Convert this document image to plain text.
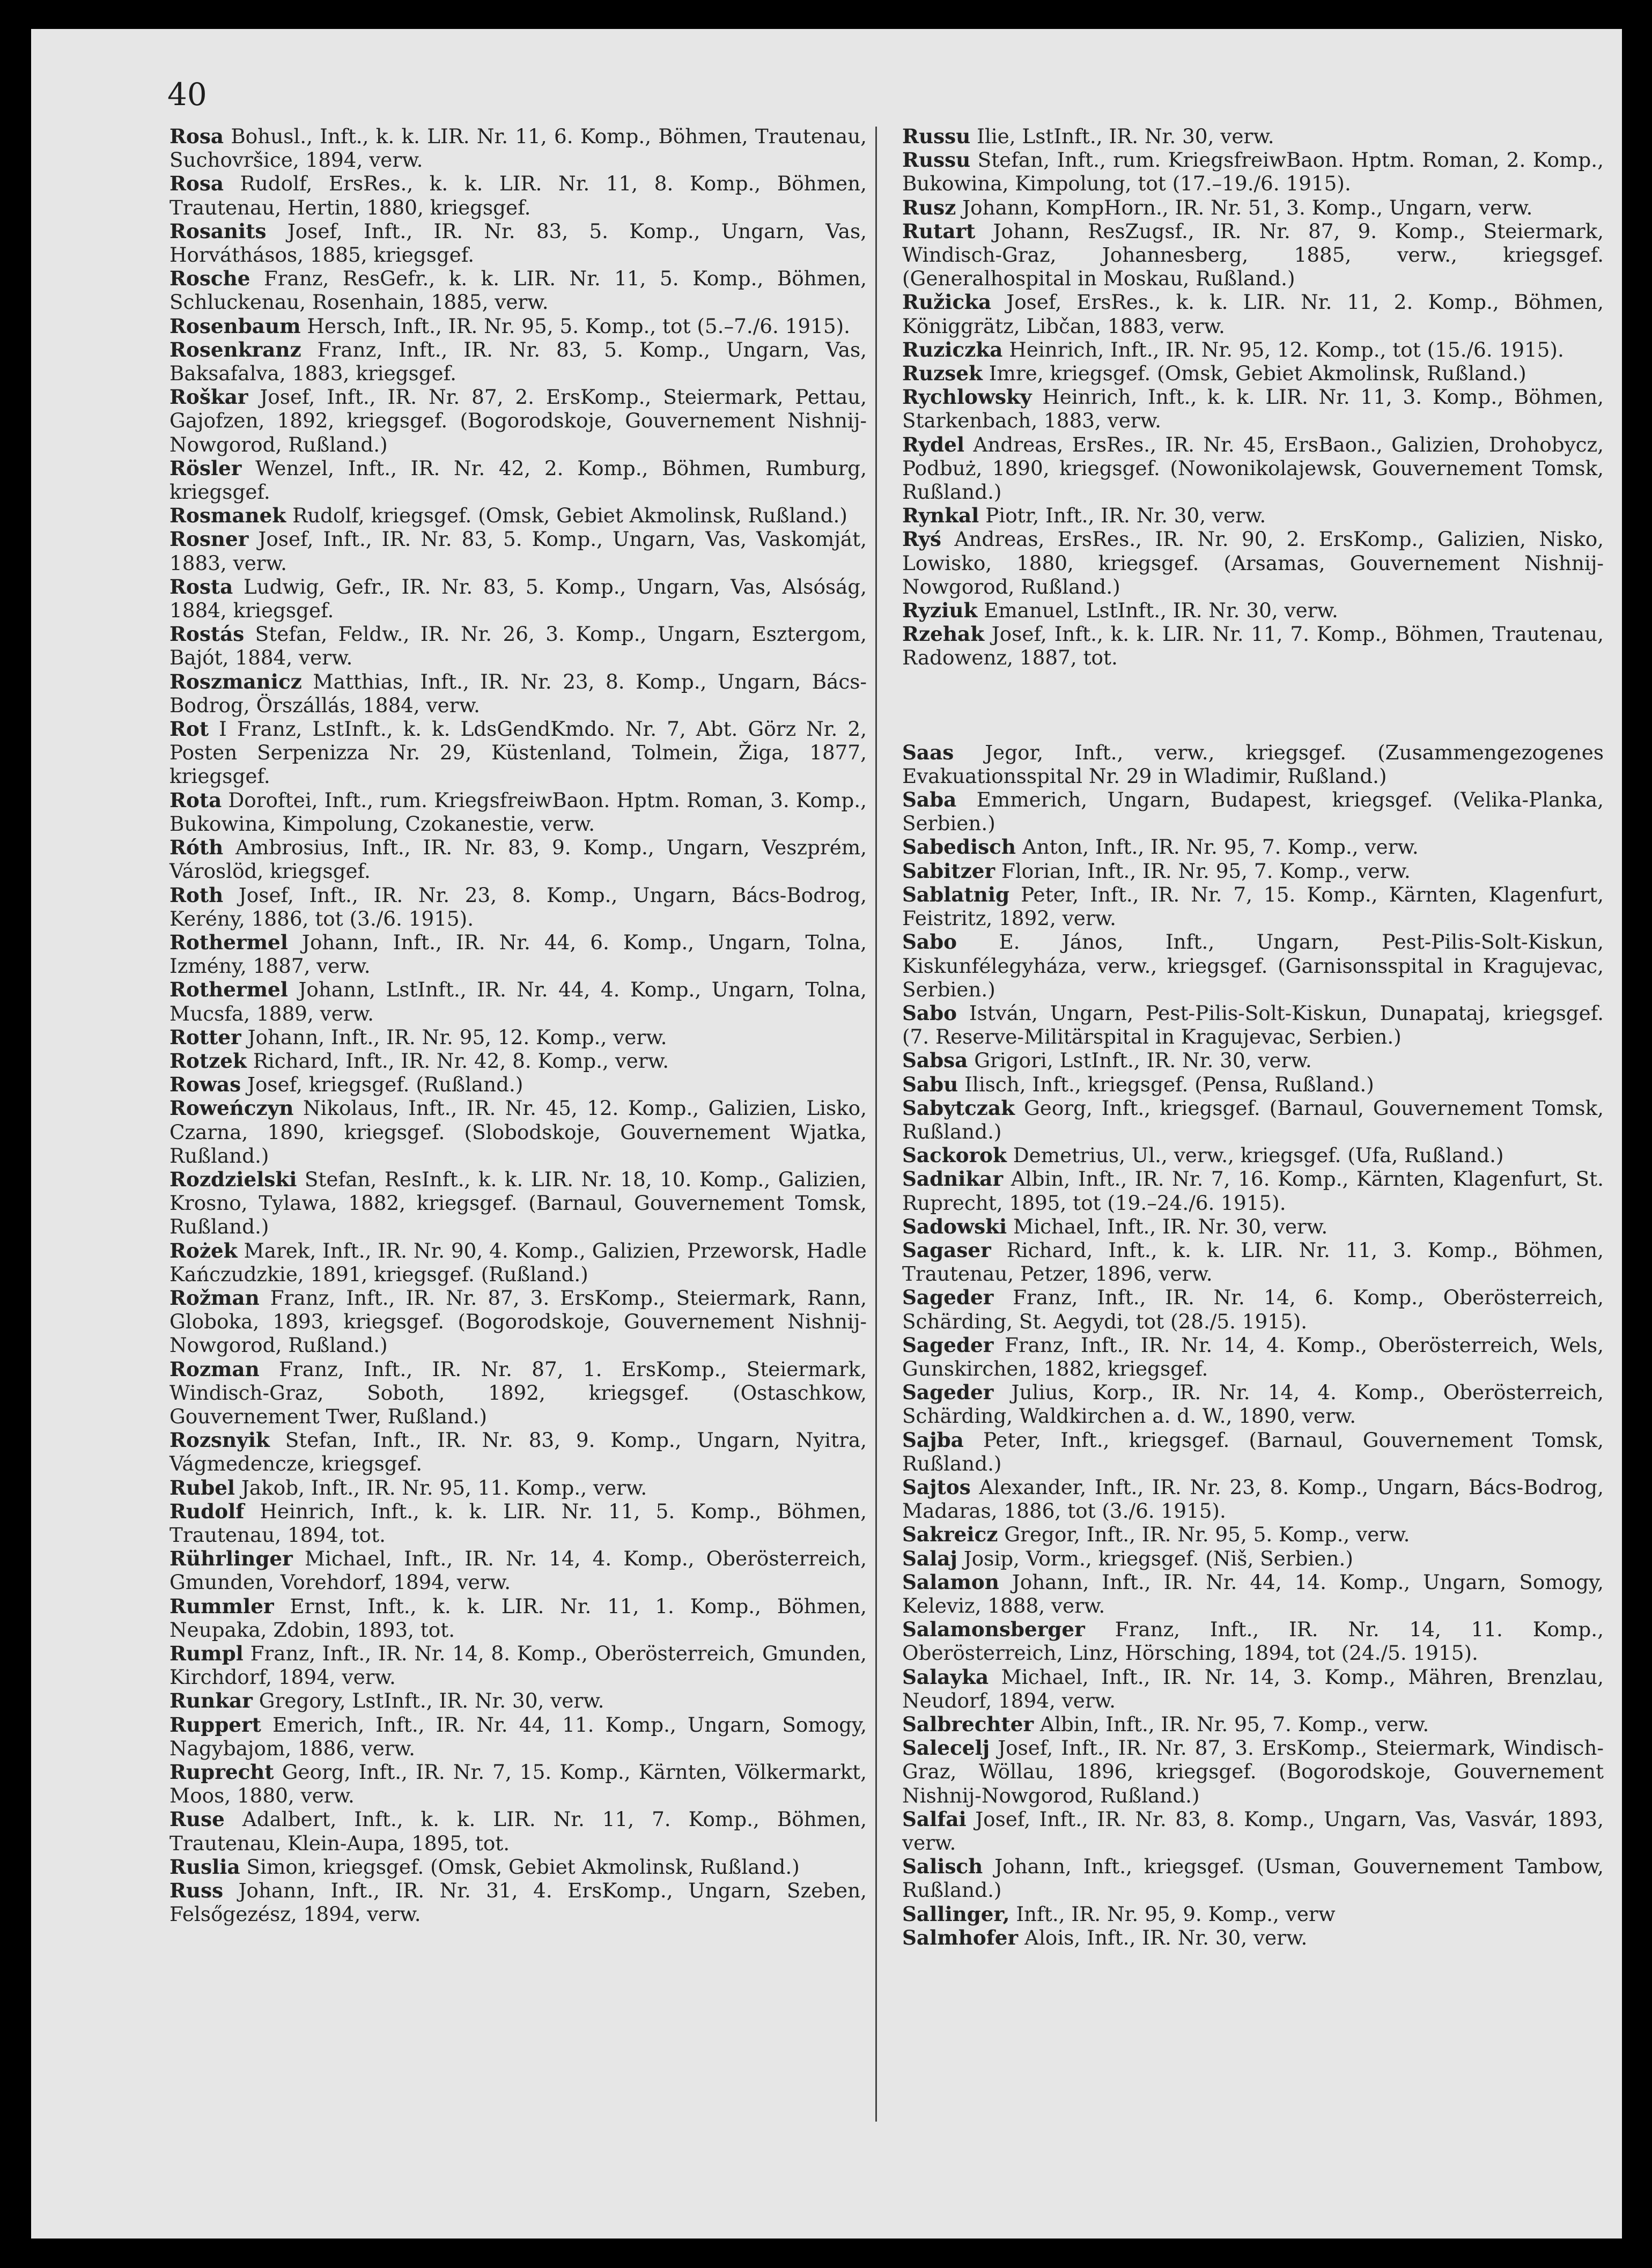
40

Rosa Bohusl., Inft., k. k. LIR. Nr. 11, 6. Komp., Böhmen, Trautenau, Suchovršice, 1894, verw.

Rosa Rudolf, ErsRes., k. k. LIR. Nr. 11, 8. Komp., Böhmen, Trautenau, Hertin, 1880, kriegsgef.

Rosanits Josef, Inft., IR. Nr. 83, 5. Komp., Ungarn, Vas, Horváthásos, 1885, kriegsgef.

Rosche Franz, ResGefr., k. k. LIR. Nr. 11, 5. Komp., Böhmen, Schluckenau, Rosenhain, 1885, verw.

Rosenbaum Hersch, Inft., IR. Nr. 95, 5. Komp., tot (5.–7./6. 1915).

Rosenkranz Franz, Inft., IR. Nr. 83, 5. Komp., Ungarn, Vas, Baksafalva, 1883, kriegsgef.

Roškar Josef, Inft., IR. Nr. 87, 2. ErsKomp., Steiermark, Pettau, Gajofzen, 1892, kriegsgef. (Bogorodskoje, Gouvernement Nishnij-Nowgorod, Rußland.)

Rösler Wenzel, Inft., IR. Nr. 42, 2. Komp., Böhmen, Rumburg, kriegsgef.

Rosmanek Rudolf, kriegsgef. (Omsk, Gebiet Akmolinsk, Rußland.)

Rosner Josef, Inft., IR. Nr. 83, 5. Komp., Ungarn, Vas, Vaskomját, 1883, verw.

Rosta Ludwig, Gefr., IR. Nr. 83, 5. Komp., Ungarn, Vas, Alsóság, 1884, kriegsgef.

Rostás Stefan, Feldw., IR. Nr. 26, 3. Komp., Ungarn, Esztergom, Bajót, 1884, verw.

Roszmanicz Matthias, Inft., IR. Nr. 23, 8. Komp., Ungarn, Bács-Bodrog, Örszállás, 1884, verw.

Rot I Franz, LstInft., k. k. LdsGendKmdo. Nr. 7, Abt. Görz Nr. 2, Posten Serpenizza Nr. 29, Küstenland, Tolmein, Žiga, 1877, kriegsgef.

Rota Doroftei, Inft., rum. KriegsfreiwBaon. Hptm. Roman, 3. Komp., Bukowina, Kimpolung, Czokanestie, verw.

Róth Ambrosius, Inft., IR. Nr. 83, 9. Komp., Ungarn, Veszprém, Városlöd, kriegsgef.

Roth Josef, Inft., IR. Nr. 23, 8. Komp., Ungarn, Bács-Bodrog, Kerény, 1886, tot (3./6. 1915).

Rothermel Johann, Inft., IR. Nr. 44, 6. Komp., Ungarn, Tolna, Izmény, 1887, verw.

Rothermel Johann, LstInft., IR. Nr. 44, 4. Komp., Ungarn, Tolna, Mucsfa, 1889, verw.

Rotter Johann, Inft., IR. Nr. 95, 12. Komp., verw.

Rotzek Richard, Inft., IR. Nr. 42, 8. Komp., verw.

Rowas Josef, kriegsgef. (Rußland.)

Roweńczyn Nikolaus, Inft., IR. Nr. 45, 12. Komp., Galizien, Lisko, Czarna, 1890, kriegsgef. (Slobodskoje, Gouvernement Wjatka, Rußland.)

Rozdzielski Stefan, ResInft., k. k. LIR. Nr. 18, 10. Komp., Galizien, Krosno, Tylawa, 1882, kriegsgef. (Barnaul, Gouvernement Tomsk, Rußland.)

Rożek Marek, Inft., IR. Nr. 90, 4. Komp., Galizien, Przeworsk, Hadle Kańczudzkie, 1891, kriegsgef. (Rußland.)

Rožman Franz, Inft., IR. Nr. 87, 3. ErsKomp., Steiermark, Rann, Globoka, 1893, kriegsgef. (Bogorodskoje, Gouvernement Nishnij-Nowgorod, Rußland.)

Rozman Franz, Inft., IR. Nr. 87, 1. ErsKomp., Steiermark, Windisch-Graz, Soboth, 1892, kriegsgef. (Ostaschkow, Gouvernement Twer, Rußland.)

Rozsnyik Stefan, Inft., IR. Nr. 83, 9. Komp., Ungarn, Nyitra, Vágmedencze, kriegsgef.

Rubel Jakob, Inft., IR. Nr. 95, 11. Komp., verw.

Rudolf Heinrich, Inft., k. k. LIR. Nr. 11, 5. Komp., Böhmen, Trautenau, 1894, tot.

Rührlinger Michael, Inft., IR. Nr. 14, 4. Komp., Oberösterreich, Gmunden, Vorehdorf, 1894, verw.

Rummler Ernst, Inft., k. k. LIR. Nr. 11, 1. Komp., Böhmen, Neupaka, Zdobin, 1893, tot.

Rumpl Franz, Inft., IR. Nr. 14, 8. Komp., Oberösterreich, Gmunden, Kirchdorf, 1894, verw.

Runkar Gregory, LstInft., IR. Nr. 30, verw.

Ruppert Emerich, Inft., IR. Nr. 44, 11. Komp., Ungarn, Somogy, Nagybajom, 1886, verw.

Ruprecht Georg, Inft., IR. Nr. 7, 15. Komp., Kärnten, Völkermarkt, Moos, 1880, verw.

Ruse Adalbert, Inft., k. k. LIR. Nr. 11, 7. Komp., Böhmen, Trautenau, Klein-Aupa, 1895, tot.

Ruslia Simon, kriegsgef. (Omsk, Gebiet Akmolinsk, Rußland.)

Russ Johann, Inft., IR. Nr. 31, 4. ErsKomp., Ungarn, Szeben, Felsőgezész, 1894, verw.

Russu Ilie, LstInft., IR. Nr. 30, verw.

Russu Stefan, Inft., rum. KriegsfreiwBaon. Hptm. Roman, 2. Komp., Bukowina, Kimpolung, tot (17.–19./6. 1915).

Rusz Johann, KompHorn., IR. Nr. 51, 3. Komp., Ungarn, verw.

Rutart Johann, ResZugsf., IR. Nr. 87, 9. Komp., Steiermark, Windisch-Graz, Johannesberg, 1885, verw., kriegsgef. (Generalhospital in Moskau, Rußland.)

Ružicka Josef, ErsRes., k. k. LIR. Nr. 11, 2. Komp., Böhmen, Königgrätz, Libčan, 1883, verw.

Ruziczka Heinrich, Inft., IR. Nr. 95, 12. Komp., tot (15./6. 1915).

Ruzsek Imre, kriegsgef. (Omsk, Gebiet Akmolinsk, Rußland.)

Rychlowsky Heinrich, Inft., k. k. LIR. Nr. 11, 3. Komp., Böhmen, Starkenbach, 1883, verw.

Rydel Andreas, ErsRes., IR. Nr. 45, ErsBaon., Galizien, Drohobycz, Podbuż, 1890, kriegsgef. (Nowonikolajewsk, Gouvernement Tomsk, Rußland.)

Rynkal Piotr, Inft., IR. Nr. 30, verw.

Ryś Andreas, ErsRes., IR. Nr. 90, 2. ErsKomp., Galizien, Nisko, Lowisko, 1880, kriegsgef. (Arsamas, Gouvernement Nishnij-Nowgorod, Rußland.)

Ryziuk Emanuel, LstInft., IR. Nr. 30, verw.

Rzehak Josef, Inft., k. k. LIR. Nr. 11, 7. Komp., Böhmen, Trautenau, Radowenz, 1887, tot.

Saas Jegor, Inft., verw., kriegsgef. (Zusammengezogenes Evakuationsspital Nr. 29 in Wladimir, Rußland.)

Saba Emmerich, Ungarn, Budapest, kriegsgef. (Velika-Planka, Serbien.)

Sabedisch Anton, Inft., IR. Nr. 95, 7. Komp., verw.

Sabitzer Florian, Inft., IR. Nr. 95, 7. Komp., verw.

Sablatnig Peter, Inft., IR. Nr. 7, 15. Komp., Kärnten, Klagenfurt, Feistritz, 1892, verw.

Sabo E. János, Inft., Ungarn, Pest-Pilis-Solt-Kiskun, Kiskunfélegyháza, verw., kriegsgef. (Garnisonsspital in Kragujevac, Serbien.)

Sabo István, Ungarn, Pest-Pilis-Solt-Kiskun, Dunapataj, kriegsgef. (7. Reserve-Militärspital in Kragujevac, Serbien.)

Sabsa Grigori, LstInft., IR. Nr. 30, verw.

Sabu Ilisch, Inft., kriegsgef. (Pensa, Rußland.)

Sabytczak Georg, Inft., kriegsgef. (Barnaul, Gouvernement Tomsk, Rußland.)

Sackorok Demetrius, Ul., verw., kriegsgef. (Ufa, Rußland.)

Sadnikar Albin, Inft., IR. Nr. 7, 16. Komp., Kärnten, Klagenfurt, St. Ruprecht, 1895, tot (19.–24./6. 1915).

Sadowski Michael, Inft., IR. Nr. 30, verw.

Sagaser Richard, Inft., k. k. LIR. Nr. 11, 3. Komp., Böhmen, Trautenau, Petzer, 1896, verw.

Sageder Franz, Inft., IR. Nr. 14, 6. Komp., Oberösterreich, Schärding, St. Aegydi, tot (28./5. 1915).

Sageder Franz, Inft., IR. Nr. 14, 4. Komp., Oberösterreich, Wels, Gunskirchen, 1882, kriegsgef.

Sageder Julius, Korp., IR. Nr. 14, 4. Komp., Oberösterreich, Schärding, Waldkirchen a. d. W., 1890, verw.

Sajba Peter, Inft., kriegsgef. (Barnaul, Gouvernement Tomsk, Rußland.)

Sajtos Alexander, Inft., IR. Nr. 23, 8. Komp., Ungarn, Bács-Bodrog, Madaras, 1886, tot (3./6. 1915).

Sakreicz Gregor, Inft., IR. Nr. 95, 5. Komp., verw.

Salaj Josip, Vorm., kriegsgef. (Niš, Serbien.)

Salamon Johann, Inft., IR. Nr. 44, 14. Komp., Ungarn, Somogy, Keleviz, 1888, verw.

Salamonsberger Franz, Inft., IR. Nr. 14, 11. Komp., Oberösterreich, Linz, Hörsching, 1894, tot (24./5. 1915).

Salayka Michael, Inft., IR. Nr. 14, 3. Komp., Mähren, Brenzlau, Neudorf, 1894, verw.

Salbrechter Albin, Inft., IR. Nr. 95, 7. Komp., verw.

Salecelj Josef, Inft., IR. Nr. 87, 3. ErsKomp., Steiermark, Windisch-Graz, Wöllau, 1896, kriegsgef. (Bogorodskoje, Gouvernement Nishnij-Nowgorod, Rußland.)

Salfai Josef, Inft., IR. Nr. 83, 8. Komp., Ungarn, Vas, Vasvár, 1893, verw.

Salisch Johann, Inft., kriegsgef. (Usman, Gouvernement Tambow, Rußland.)

Sallinger, Inft., IR. Nr. 95, 9. Komp., verw

Salmhofer Alois, Inft., IR. Nr. 30, verw.
